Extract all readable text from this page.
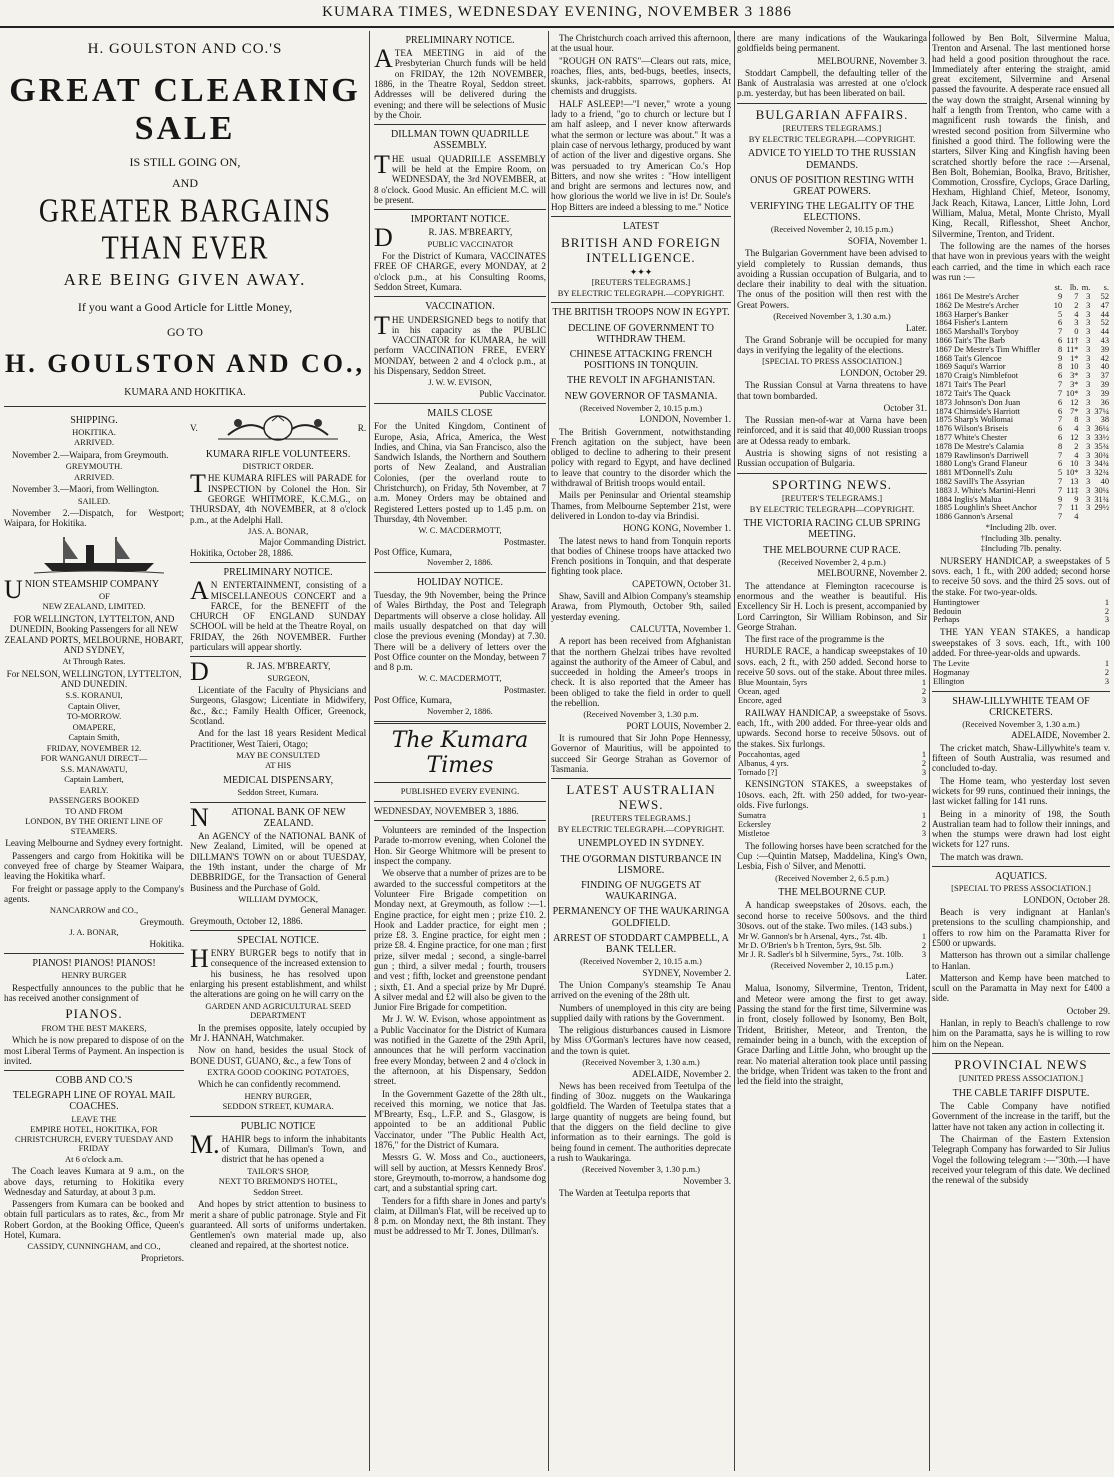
KUMARA TIMES, WEDNESDAY EVENING, NOVEMBER 3 1886
H. GOULSTON AND CO.'S
GREAT CLEARING SALE
IS STILL GOING ON,
AND
GREATER BARGAINS THAN EVER
ARE BEING GIVEN AWAY.
If you want a Good Article for Little Money,
GO TO
H. GOULSTON AND CO.,
KUMARA AND HOKITIKA.
SHIPPING.
HOKITIKA.
ARRIVED.

November 2.—Waipara, from Greymouth.

GREYMOUTH.
ARRIVED.

November 3.—Maori, from Wellington.

SAILED.

November 2.—Dispatch, for Westport; Waipara, for Hokitika.

UNION STEAMSHIP COMPANY
OF
NEW ZEALAND, LIMITED.

FOR WELLINGTON, LYTTELTON, AND DUNEDIN, Booking Passengers for all NEW ZEALAND PORTS, MELBOURNE, HOBART, AND SYDNEY,

At Through Rates.

For NELSON, WELLINGTON, LYTTELTON, AND DUNEDIN.

S.S. KORANUI,
Captain Oliver,
TO-MORROW.
OMAPERE,
Captain Smith,
FRIDAY, NOVEMBER 12.
FOR WANGANUI DIRECT—
S.S. MANAWATU,
Captain Lambert,
EARLY.
PASSENGERS BOOKED
TO AND FROM
LONDON, BY THE ORIENT LINE OF STEAMERS.

Leaving Melbourne and Sydney every fortnight.

Passengers and cargo from Hokitika will be conveyed free of charge by Steamer Waipara, leaving the Hokitika wharf.

For freight or passage apply to the Company's agents.

NANCARROW and CO.,
Greymouth.
J. A. BONAR,
Hokitika.
PIANOS! PIANOS! PIANOS!
HENRY BURGER

Respectfully announces to the public that he has received another consignment of

PIANOS.
FROM THE BEST MAKERS,

Which he is now prepared to dispose of on the most Liberal Terms of Payment. An inspection is invited.

COBB AND CO.'S
TELEGRAPH LINE OF ROYAL MAIL COACHES.
LEAVE THE
EMPIRE HOTEL, HOKITIKA, FOR CHRISTCHURCH, EVERY TUESDAY AND FRIDAY
At 6 o'clock a.m.

The Coach leaves Kumara at 9 a.m., on the above days, returning to Hokitika every Wednesday and Saturday, at about 3 p.m.

Passengers from Kumara can be booked and obtain full particulars as to rates, &c., from Mr Robert Gordon, at the Booking Office, Queen's Hotel, Kumara.

CASSIDY, CUNNINGHAM, and CO.,
Proprietors.
V.	R.
KUMARA RIFLE VOLUNTEERS.
DISTRICT ORDER.

THE KUMARA RIFLES will PARADE for INSPECTION by Colonel the Hon. Sir GEORGE WHITMORE, K.C.M.G., on THURSDAY, 4th NOVEMBER, at 8 o'clock p.m., at the Adelphi Hall.

JAS. A. BONAR,
Major Commanding District.
Hokitika, October 28, 1886.
PRELIMINARY NOTICE.

AN ENTERTAINMENT, consisting of a MISCELLANEOUS CONCERT and a FARCE, for the BENEFIT of the CHURCH OF ENGLAND SUNDAY SCHOOL will be held at the Theatre Royal, on FRIDAY, the 26th NOVEMBER. Further particulars will appear shortly.

DR. JAS. M'BREARTY,

SURGEON,

Licentiate of the Faculty of Physicians and Surgeons, Glasgow; Licentiate in Midwifery, &c., &c.; Family Health Officer, Greenock, Scotland.

And for the last 18 years Resident Medical Practitioner, West Taieri, Otago;

MAY BE CONSULTED
AT HIS
MEDICAL DISPENSARY,
Seddon Street, Kumara.
NATIONAL BANK OF NEW ZEALAND.

An AGENCY of the NATIONAL BANK of New Zealand, Limited, will be opened at DILLMAN'S TOWN on or about TUESDAY, the 19th instant, under the charge of Mr DEBBRIDGE, for the Transaction of General Business and the Purchase of Gold.

WILLIAM DYMOCK,
General Manager.
Greymouth, October 12, 1886.
SPECIAL NOTICE.

HENRY BURGER begs to notify that in consequence of the increased extension to his business, he has resolved upon enlarging his present establishment, and whilst the alterations are going on he will carry on the

GARDEN AND AGRICULTURAL SEED DEPARTMENT

In the premises opposite, lately occupied by Mr J. HANNAH, Watchmaker.

Now on hand, besides the usual Stock of BONE DUST, GUANO, &c., a few Tons of

EXTRA GOOD COOKING POTATOES,

Which he can confidently recommend.

HENRY BURGER,
SEDDON STREET, KUMARA.
PUBLIC NOTICE

M.HAHIR begs to inform the inhabitants of Kumara, Dillman's Town, and district that he has opened a

TAILOR'S SHOP,
NEXT TO BREMOND'S HOTEL,
Seddon Street.

And hopes by strict attention to business to merit a share of public patronage. Style and Fit guaranteed. All sorts of uniforms undertaken. Gentlemen's own material made up, also cleaned and repaired, at the shortest notice.

PRELIMINARY NOTICE.

ATEA MEETING in aid of the Presbyterian Church funds will be held on FRIDAY, the 12th NOVEMBER, 1886, in the Theatre Royal, Seddon street. Addresses will be delivered during the evening; and there will be selections of Music by the Choir.

DILLMAN TOWN QUADRILLE ASSEMBLY.

THE usual QUADRILLE ASSEMBLY will be held at the Empire Room, on WEDNESDAY, the 3rd NOVEMBER, at 8 o'clock. Good Music. An efficient M.C. will be present.

IMPORTANT NOTICE.

DR. JAS. M'BREARTY,

PUBLIC VACCINATOR

For the District of Kumara, VACCINATES FREE OF CHARGE, every MONDAY, at 2 o'clock p.m., at his Consulting Rooms, Seddon Street, Kumara.

VACCINATION.

THE UNDERSIGNED begs to notify that in his capacity as the PUBLIC VACCINATOR for KUMARA, he will perform VACCINATION FREE, EVERY MONDAY, between 2 and 4 o'clock p.m., at his Dispensary, Seddon Street.

J. W. W. EVISON,
Public Vaccinator.
MAILS CLOSE

For the United Kingdom, Continent of Europe, Asia, Africa, America, the West Indies, and China, via San Francisco, also the Sandwich Islands, the Northern and Southern ports of New Zealand, and Australian Colonies, (per the overland route to Christchurch), on Friday, 5th November, at 7 a.m. Money Orders may be obtained and Registered Letters posted up to 1.45 p.m. on Thursday, 4th November.

W. C. MACDERMOTT,
Postmaster.
Post Office, Kumara,
November 2, 1886.
HOLIDAY NOTICE.

Tuesday, the 9th November, being the Prince of Wales Birthday, the Post and Telegraph Departments will observe a close holiday. All mails usually despatched on that day will close the previous evening (Monday) at 7.30. There will be a delivery of letters over the Post Office counter on the Monday, between 7 and 8 p.m.

W. C. MACDERMOTT,
Postmaster.
Post Office, Kumara,
November 2, 1886.
The Kumara Times
PUBLISHED EVERY EVENING.
WEDNESDAY, NOVEMBER 3, 1886.

Volunteers are reminded of the Inspection Parade to-morrow evening, when Colonel the Hon. Sir George Whitmore will be present to inspect the company.

We observe that a number of prizes are to be awarded to the successful competitors at the Volunteer Fire Brigade competition on Monday next, at Greymouth, as follow :—1. Engine practice, for eight men ; prize £10. 2. Hook and Ladder practice, for eight men ; prize £8. 3. Engine practice, for eight men ; prize £8. 4. Engine practice, for one man ; first prize, silver medal ; second, a single-barrel gun ; third, a silver medal ; fourth, trousers and vest ; fifth, locket and greenstone pendant ; sixth, £1. And a special prize by Mr Dupré. A silver medal and £2 will also be given to the Junior Fire Brigade for competition.

Mr J. W. W. Evison, whose appointment as a Public Vaccinator for the District of Kumara was notified in the Gazette of the 29th April, announces that he will perform vaccination free every Monday, between 2 and 4 o'clock in the afternoon, at his Dispensary, Seddon street.

In the Government Gazette of the 28th ult., received this morning, we notice that Jas. M'Brearty, Esq., L.F.P. and S., Glasgow, is appointed to be an additional Public Vaccinator, under "The Public Health Act, 1876," for the District of Kumara.

Messrs G. W. Moss and Co., auctioneers, will sell by auction, at Messrs Kennedy Bros'. store, Greymouth, to-morrow, a handsome dog cart, and a substantial spring cart.

Tenders for a fifth share in Jones and party's claim, at Dillman's Flat, will be received up to 8 p.m. on Monday next, the 8th instant. They must be addressed to Mr T. Jones, Dillman's.

The Christchurch coach arrived this afternoon, at the usual hour.

"ROUGH ON RATS"—Clears out rats, mice, roaches, flies, ants, bed-bugs, beetles, insects, skunks, jack-rabbits, sparrows, gophers. At chemists and druggists.

HALF ASLEEP!—"I never," wrote a young lady to a friend, "go to church or lecture but I am half asleep, and I never know afterwards what the sermon or lecture was about." It was a plain case of nervous lethargy, produced by want of action of the liver and digestive organs. She was persuaded to try American Co.'s Hop Bitters, and now she writes : "How intelligent and bright are sermons and lectures now, and how glorious the world we live in is! Dr. Soule's Hop Bitters are indeed a blessing to me." Notice

LATEST
BRITISH AND FOREIGN INTELLIGENCE.
✦✦✦
[REUTERS TELEGRAMS.]
BY ELECTRIC TELEGRAPH.—COPYRIGHT.
THE BRITISH TROOPS NOW IN EGYPT.
DECLINE OF GOVERNMENT TO WITHDRAW THEM.
CHINESE ATTACKING FRENCH POSITIONS IN TONQUIN.
THE REVOLT IN AFGHANISTAN.
NEW GOVERNOR OF TASMANIA.
(Received November 2, 10.15 p.m.)
LONDON, November 1.

The British Government, notwithstanding French agitation on the subject, have been obliged to decline to adhering to their present policy with regard to Egypt, and have declined to leave that country to the disorder which the withdrawal of British troops would entail.

Mails per Peninsular and Oriental steamship Thames, from Melbourne September 21st, were delivered in London to-day via Brindisi.

HONG KONG, November 1.

The latest news to hand from Tonquin reports that bodies of Chinese troops have attacked two French positions in Tonquin, and that desperate fighting took place.

CAPETOWN, October 31.

Shaw, Savill and Albion Company's steamship Arawa, from Plymouth, October 9th, sailed yesterday evening.

CALCUTTA, November 1.

A report has been received from Afghanistan that the northern Ghelzai tribes have revolted against the authority of the Ameer of Cabul, and succeeded in holding the Ameer's troops in check. It is also reported that the Ameer has been obliged to take the field in order to quell the rebellion.

(Received November 3, 1.30 p.m.
PORT LOUIS, November 2.

It is rumoured that Sir John Pope Hennessy, Governor of Mauritius, will be appointed to succeed Sir George Strahan as Governor of Tasmania.

LATEST AUSTRALIAN NEWS.
[REUTERS TELEGRAMS.]
BY ELECTRIC TELEGRAPH.—COPYRIGHT.
UNEMPLOYED IN SYDNEY.
THE O'GORMAN DISTURBANCE IN LISMORE.
FINDING OF NUGGETS AT WAUKARINGA.
PERMANENCY OF THE WAUKARINGA GOLDFIELD.
ARREST OF STODDART CAMPBELL, A BANK TELLER.
(Received November 2, 10.15 a.m.)
SYDNEY, November 2.

The Union Company's steamship Te Anau arrived on the evening of the 28th ult.

Numbers of unemployed in this city are being supplied daily with rations by the Government.

The religious disturbances caused in Lismore by Miss O'Gorman's lectures have now ceased, and the town is quiet.

(Received November 3, 1.30 a.m.)
ADELAIDE, November 2.

News has been received from Teetulpa of the finding of 30oz. nuggets on the Waukaringa goldfield. The Warden of Teetulpa states that a large quantity of nuggets are being found, but that the diggers on the field decline to give information as to their earnings. The gold is being found in cement. The authorities deprecate a rush to Waukaringa.

(Received November 3, 1.30 p.m.)
November 3.

The Warden at Teetulpa reports that

there are many indications of the Waukaringa goldfields being permanent.

MELBOURNE, November 3.

Stoddart Campbell, the defaulting teller of the Bank of Australasia was arrested at one o'clock p.m. yesterday, but has been liberated on bail.

BULGARIAN AFFAIRS.
[REUTERS TELEGRAMS.]
BY ELECTRIC TELEGRAPH.—COPYRIGHT.
ADVICE TO YIELD TO THE RUSSIAN DEMANDS.
ONUS OF POSITION RESTING WITH GREAT POWERS.
VERIFYING THE LEGALITY OF THE ELECTIONS.
(Received November 2, 10.15 p.m.)
SOFIA, November 1.

The Bulgarian Government have been advised to yield completely to Russian demands, thus avoiding a Russian occupation of Bulgaria, and to declare their inability to deal with the situation. The onus of the position will then rest with the Great Powers.

(Received November 3, 1.30 a.m.)
Later.

The Grand Sobranje will be occupied for many days in verifying the legality of the elections.

[SPECIAL TO PRESS ASSOCIATION.]
LONDON, October 29.

The Russian Consul at Varna threatens to have that town bombarded.

October 31.

The Russian men-of-war at Varna have been reinforced, and it is said that 40,000 Russian troops are at Odessa ready to embark.

Austria is showing signs of not resisting a Russian occupation of Bulgaria.

SPORTING NEWS.
[REUTER'S TELEGRAMS.]
BY ELECTRIC TELEGRAPH—COPYRIGHT.
THE VICTORIA RACING CLUB SPRING MEETING.
THE MELBOURNE CUP RACE.
(Received November 2, 4 p.m.)
MELBOURNE, November 2.

The attendance at Flemington racecourse is enormous and the weather is beautiful. His Excellency Sir H. Loch is present, accompanied by Lord Carrington, Sir William Robinson, and Sir George Strahan.

The first race of the programme is the

HURDLE RACE, a handicap sweepstakes of 10 sovs. each, 2 ft., with 250 added. Second horse to receive 50 sovs. out of the stake. About three miles.

Blue Mountain, 5yrs	1
Ocean, aged	2
Encore, aged	3

RAILWAY HANDICAP, a sweepstake of 5sovs. each, 1ft., with 200 added. For three-year olds and upwards. Second horse to receive 50sovs. out of the stakes. Six furlongs.

Poccahontas, aged	1
Albanus, 4 yrs.	2
Tornado [?]	3

KENSINGTON STAKES, a sweepstakes of 10sovs. each, 2ft. with 250 added, for two-year-olds. Five furlongs.

Sumatra	1
Eckersley	2
Mistletoe	3

The following horses have been scratched for the Cup :—Quintin Matsep, Maddelina, King's Own, Lesbia, Fish o' Silver, and Menotti.

(Received November 2, 6.5 p.m.)
THE MELBOURNE CUP.

A handicap sweepstakes of 20sovs. each, the second horse to receive 500sovs. and the third 30sovs. out of the stake. Two miles. (143 subs.)

Mr W. Gannon's br h Arsenal, 4yrs., 7st. 4lb.	1
Mr D. O'Brien's b h Trenton, 5yrs, 9st. 5lb.	2
Mr J. R. Sadler's bl h Silvermine, 5yrs., 7st. 10lb.	3
(Received November 2, 10.15 p.m.)
Later.

Malua, Isonomy, Silvermine, Trenton, Trident, and Meteor were among the first to get away. Passing the stand for the first time, Silvermine was in front, closely followed by Isonomy, Ben Bolt, Trident, Britisher, Meteor, and Trenton, the remainder being in a bunch, with the exception of Grace Darling and Little John, who brought up the rear. No material alteration took place until passing the bridge, when Trident was taken to the front and led the field into the straight,

followed by Ben Bolt, Silvermine Malua, Trenton and Arsenal. The last mentioned horse had held a good position throughout the race. Immediately after entering the straight, amid great excitement, Silvermine and Arsenal passed the favourite. A desperate race ensued all the way down the straight, Arsenal winning by half a length from Trenton, who came with a magnificent rush towards the finish, and wrested second position from Silvermine who finished a good third. The following were the starters, Silver King and Kingfish having been scratched shortly before the race :—Arsenal, Ben Bolt, Bohemian, Boolka, Bravo, Britisher, Commotion, Crossfire, Cyclops, Grace Darling, Hexham, Highland Chief, Meteor, Isonomy, Jack Reach, Kitawa, Lancer, Little John, Lord William, Malua, Metal, Monte Christo, Myall King, Recall, Riflesshot, Sheet Anchor, Silvermine, Trenton, and Trident.

The following are the names of the horses that have won in previous years with the weight each carried, and the time in which each race was run :—

		st.	lb.	m.	s.
1861	De Mestre's Archer	9	7	3	52
1862	De Mestre's Archer	10	2	3	47
1863	Harper's Banker	5	4	3	44
1864	Fisher's Lantern	6	3	3	52
1865	Marshall's Toryboy	7	0	3	44
1866	Tait's The Barb	6	11†	3	43
1867	De Mestre's Tim Whiffler	8	11*	3	39
1868	Tait's Glencoe	9	1*	3	42
1869	Saqui's Warrior	8	10	3	40
1870	Craig's Nimblefoot	6	3*	3	37
1871	Tait's The Pearl	7	3*	3	39
1872	Tait's The Quack	7	10*	3	39
1873	Johnson's Don Juan	6	12	3	36
1874	Chirnside's Harriott	6	7*	3	37¼
1875	Sharp's Wollomai	7	8	3	38
1876	Wilson's Briseis	6	4	3	36¼
1877	White's Chester	6	12	3	33½
1878	De Mestre's Calamia	8	2	3	35¾
1879	Rawlinson's Darriwell	7	4	3	30¾
1880	Long's Grand Flaneur	6	10	3	34¾
1881	M'Donnell's Zulu	5	10*	3	32¾
1882	Savill's The Assyrian	7	13	3	40
1883	J. White's Martini-Henri	7	11‡	3	30¼
1884	Inglis's Malua	9	9	3	31¾
1885	Loughlin's Sheet Anchor	7	11	3	29½
1886	Gannon's Arsenal	7	4		
*Including 2lb. over.
†Including 3lb. penalty.
‡Including 7lb. penalty.

NURSERY HANDICAP, a sweepstakes of 5 sovs. each, 1 ft., with 200 added; second horse to receive 50 sovs. and the third 25 sovs. out of the stake. For two-year-olds.

Huntingtower	1
Bedouin	2
Perhaps	3

THE YAN YEAN STAKES, a handicap sweepstakes of 3 sovs. each, 1ft., with 100 added. For three-year-olds and upwards.

The Levite	1
Hogmanay	2
Ellington	3
SHAW-LILLYWHITE TEAM OF CRICKETERS.
(Received November 3, 1.30 a.m.)
ADELAIDE, November 2.

The cricket match, Shaw-Lillywhite's team v. fifteen of South Australia, was resumed and concluded to-day.

The Home team, who yesterday lost seven wickets for 99 runs, continued their innings, the last wicket falling for 141 runs.

Being in a minority of 198, the South Australian team had to follow their innings, and when the stumps were drawn had lost eight wickets for 127 runs.

The match was drawn.

AQUATICS.
[SPECIAL TO PRESS ASSOCIATION.]
LONDON, October 28.

Beach is very indignant at Hanlan's pretensions to the sculling championship, and offers to row him on the Paramatta River for £500 or upwards.

Matterson has thrown out a similar challenge to Hanlan.

Matterson and Kemp have been matched to scull on the Paramatta in May next for £400 a side.

October 29.

Hanlan, in reply to Beach's challenge to row him on the Paramatta, says he is willing to row him on the Nepean.

PROVINCIAL NEWS
[UNITED PRESS ASSOCIATION.]
THE CABLE TARIFF DISPUTE.

The Cable Company have notified Government of the increase in the tariff, but the latter have not taken any action in collecting it.

The Chairman of the Eastern Extension Telegraph Company has forwarded to Sir Julius Vogel the following telegram :—"30th.—I have received your telegram of this date. We declined the renewal of the subsidy
